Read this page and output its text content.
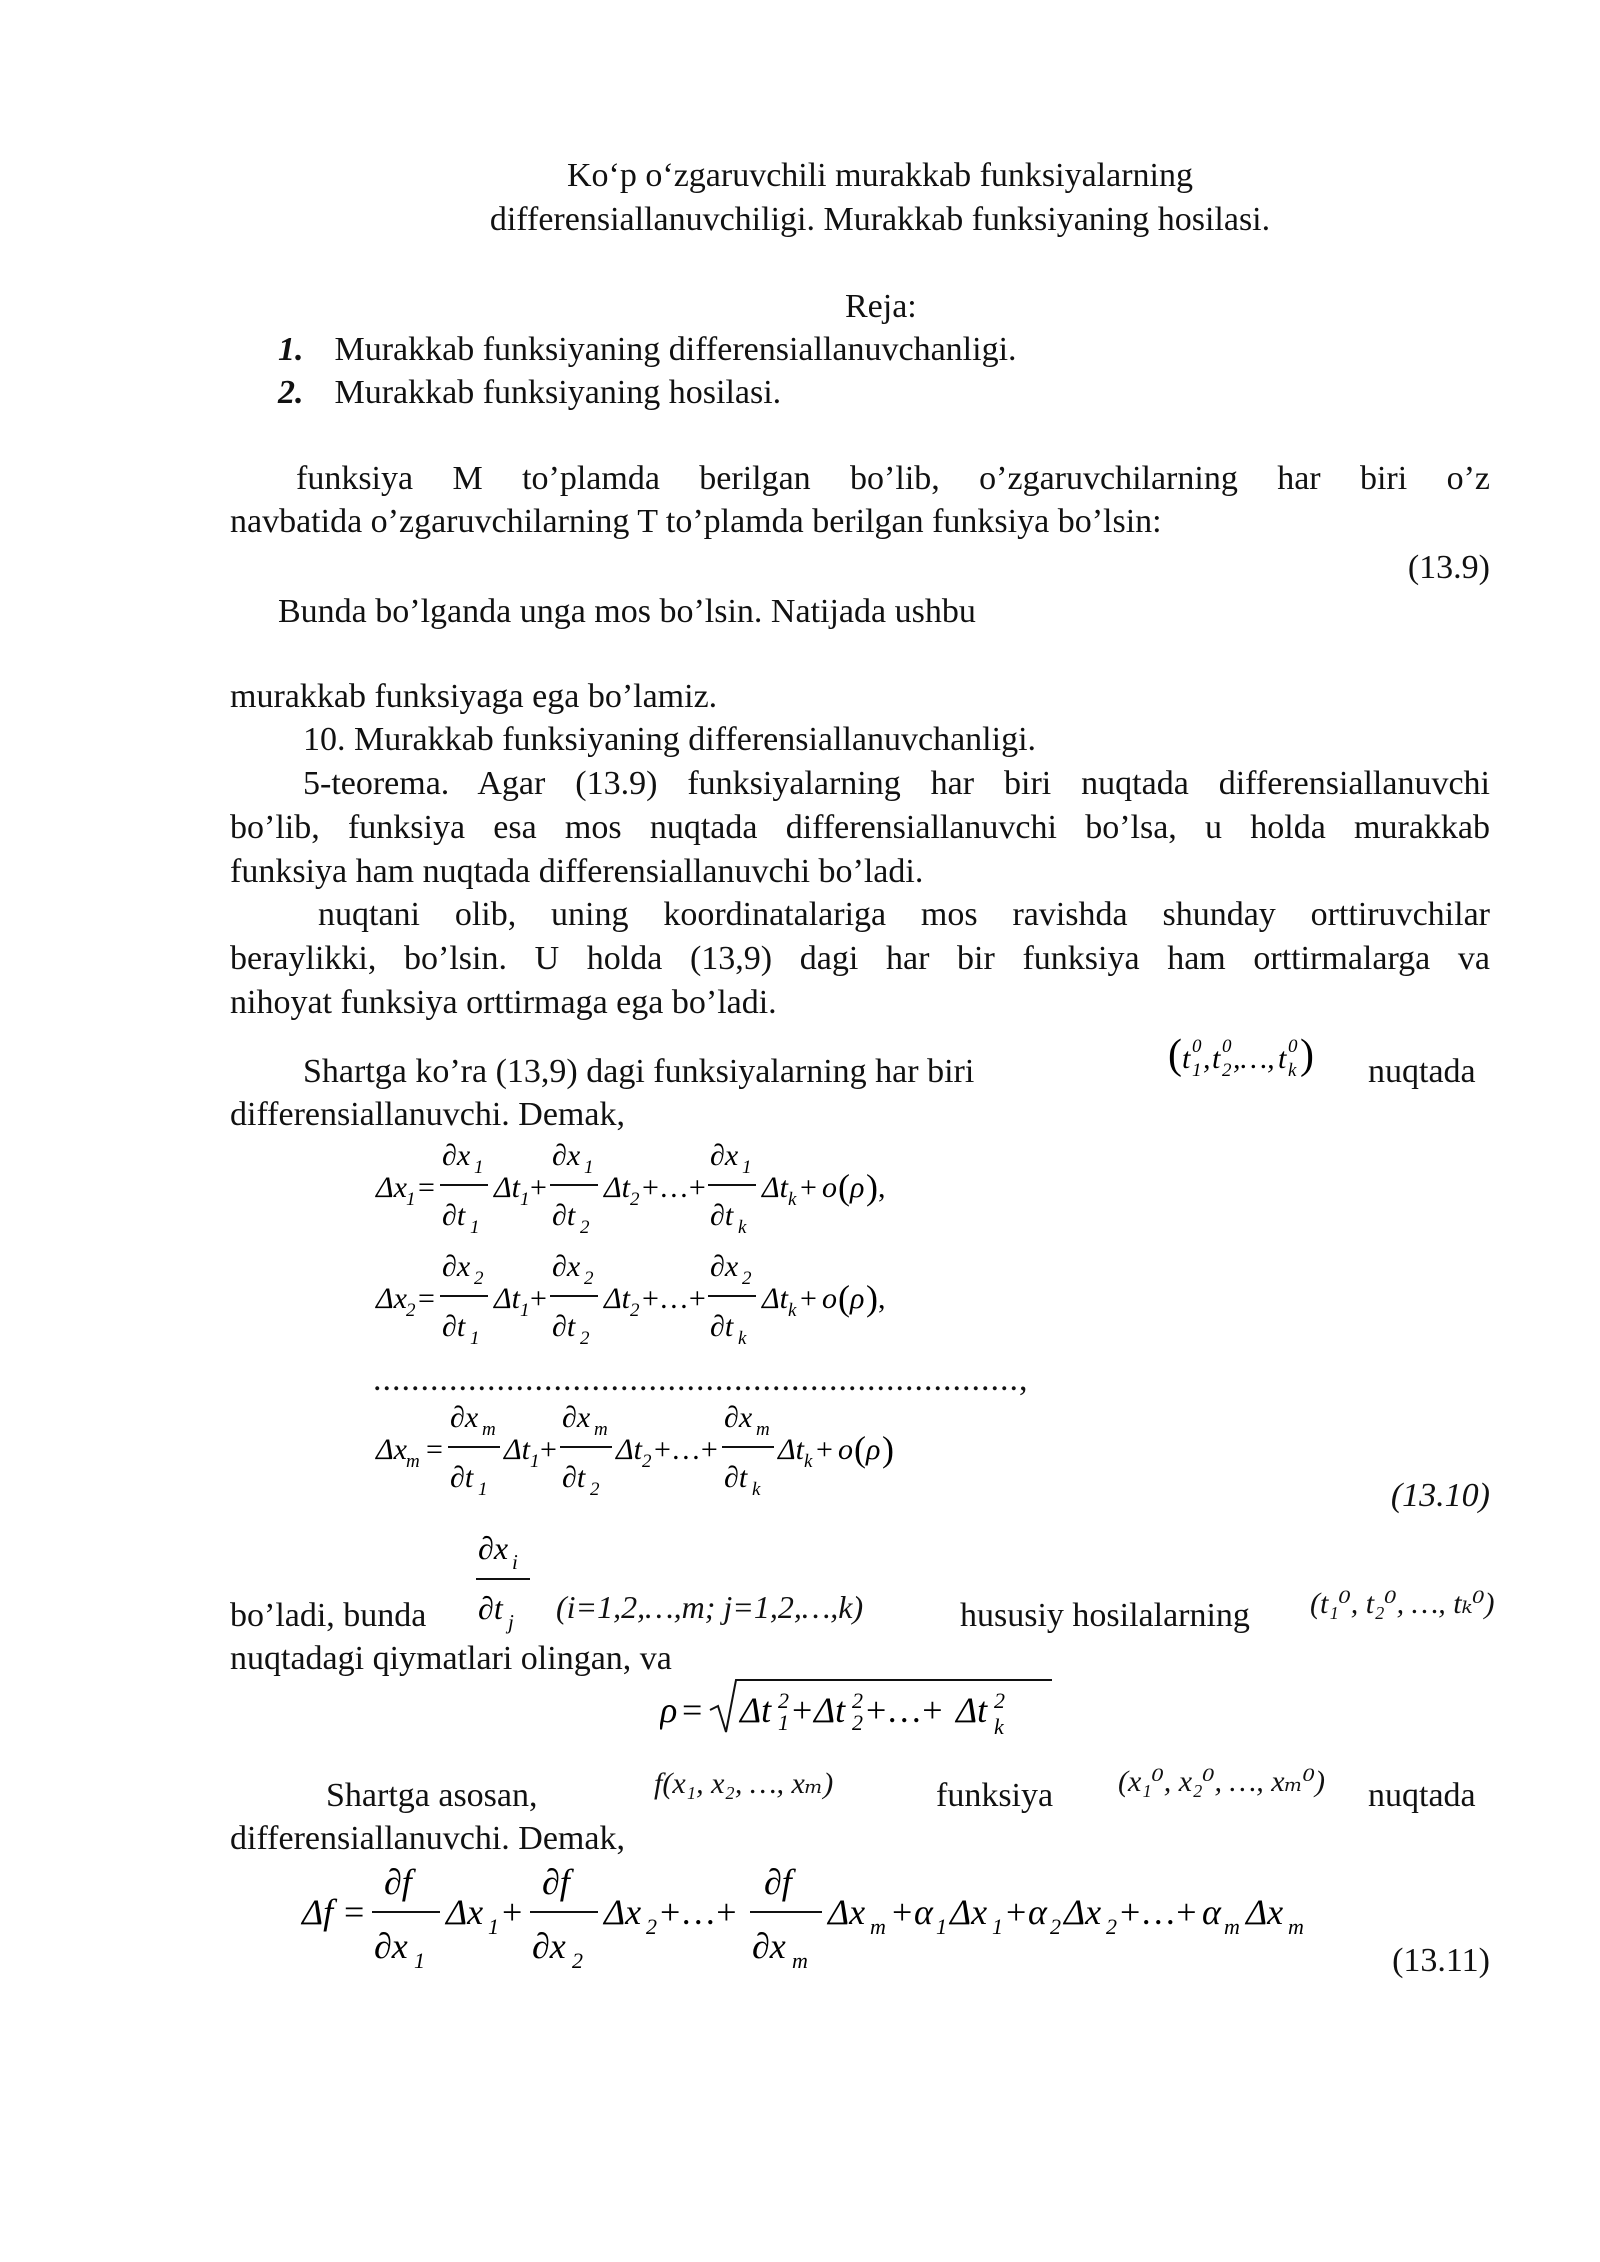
Ko‘p o‘zgaruvchili murakkab funksiyalarning
differensiallanuvchiligi. Murakkab funksiyaning hosilasi.
Reja:
1. Murakkab funksiyaning differensiallanuvchanligi.
2. Murakkab funksiyaning hosilasi.
funksiya M to’plamda berilgan bo’lib, o’zgaruvchilarning har biri o’z
navbatida o’zgaruvchilarning T to’plamda berilgan funksiya bo’lsin:
(13.9)
Bunda bo’lganda unga mos bo’lsin. Natijada ushbu
murakkab funksiyaga ega bo’lamiz.
10. Murakkab funksiyaning differensiallanuvchanligi.
5-teorema. Agar (13.9) funksiyalarning har biri nuqtada differensiallanuvchi
bo’lib, funksiya esa mos nuqtada differensiallanuvchi bo’lsa, u holda murakkab
funksiya ham nuqtada differensiallanuvchi bo’ladi.
nuqtani olib, uning koordinatalariga mos ravishda shunday orttiruvchilar
beraylikki, bo’lsin. U holda (13,9) dagi har bir funksiya ham orttirmalarga va
nihoyat funksiya orttirmaga ega bo’ladi.
Shartga ko’ra (13,9) dagi funksiyalarning har biri	( t 1
0 , t 2
0 ,…, t k
0 ) nuqtada
differensiallanuvchi. Demak,
Δx 1 =
∂x 1
∂t 1
Δt 1 +
∂x 1
∂t 2
Δt 2 +…+
∂x 1
∂t k
Δt k + o ( ρ ) ,
Δx 2 =
∂x 2
∂t 1
Δt 1 +
∂x 2
∂t 2
Δt 2 +…+
∂x 2
∂t k
Δt k + o ( ρ ) ,
....................................................................,
Δx m =
∂x m
∂t 1
Δt 1 +
∂x m
∂t 2
Δt 2 +…+
∂x m
∂t k
Δt k + o ( ρ )
(13.10)
∂x i
∂t j
bo’ladi, bunda	(i=1,2,…,m; j=1,2,…,k)	hususiy hosilalarning (t₁⁰, t₂⁰, …, tₖ⁰)
nuqtadagi qiymatlari olingan, va
ρ = Δt 1
2 + Δt 2
2 +…+ Δt k
2
Shartga asosan,	f(x₁, x₂, …, xₘ)	funksiya (x₁⁰, x₂⁰, …, xₘ⁰) nuqtada
differensiallanuvchi. Demak,
Δf =
∂f
∂x 1
Δx 1 +
∂f
∂x 2
Δx 2 +…+
∂f
∂x m
Δx m + α 1 Δx 1 + α 2 Δx 2 +…+ α m Δx m
(13.11)
